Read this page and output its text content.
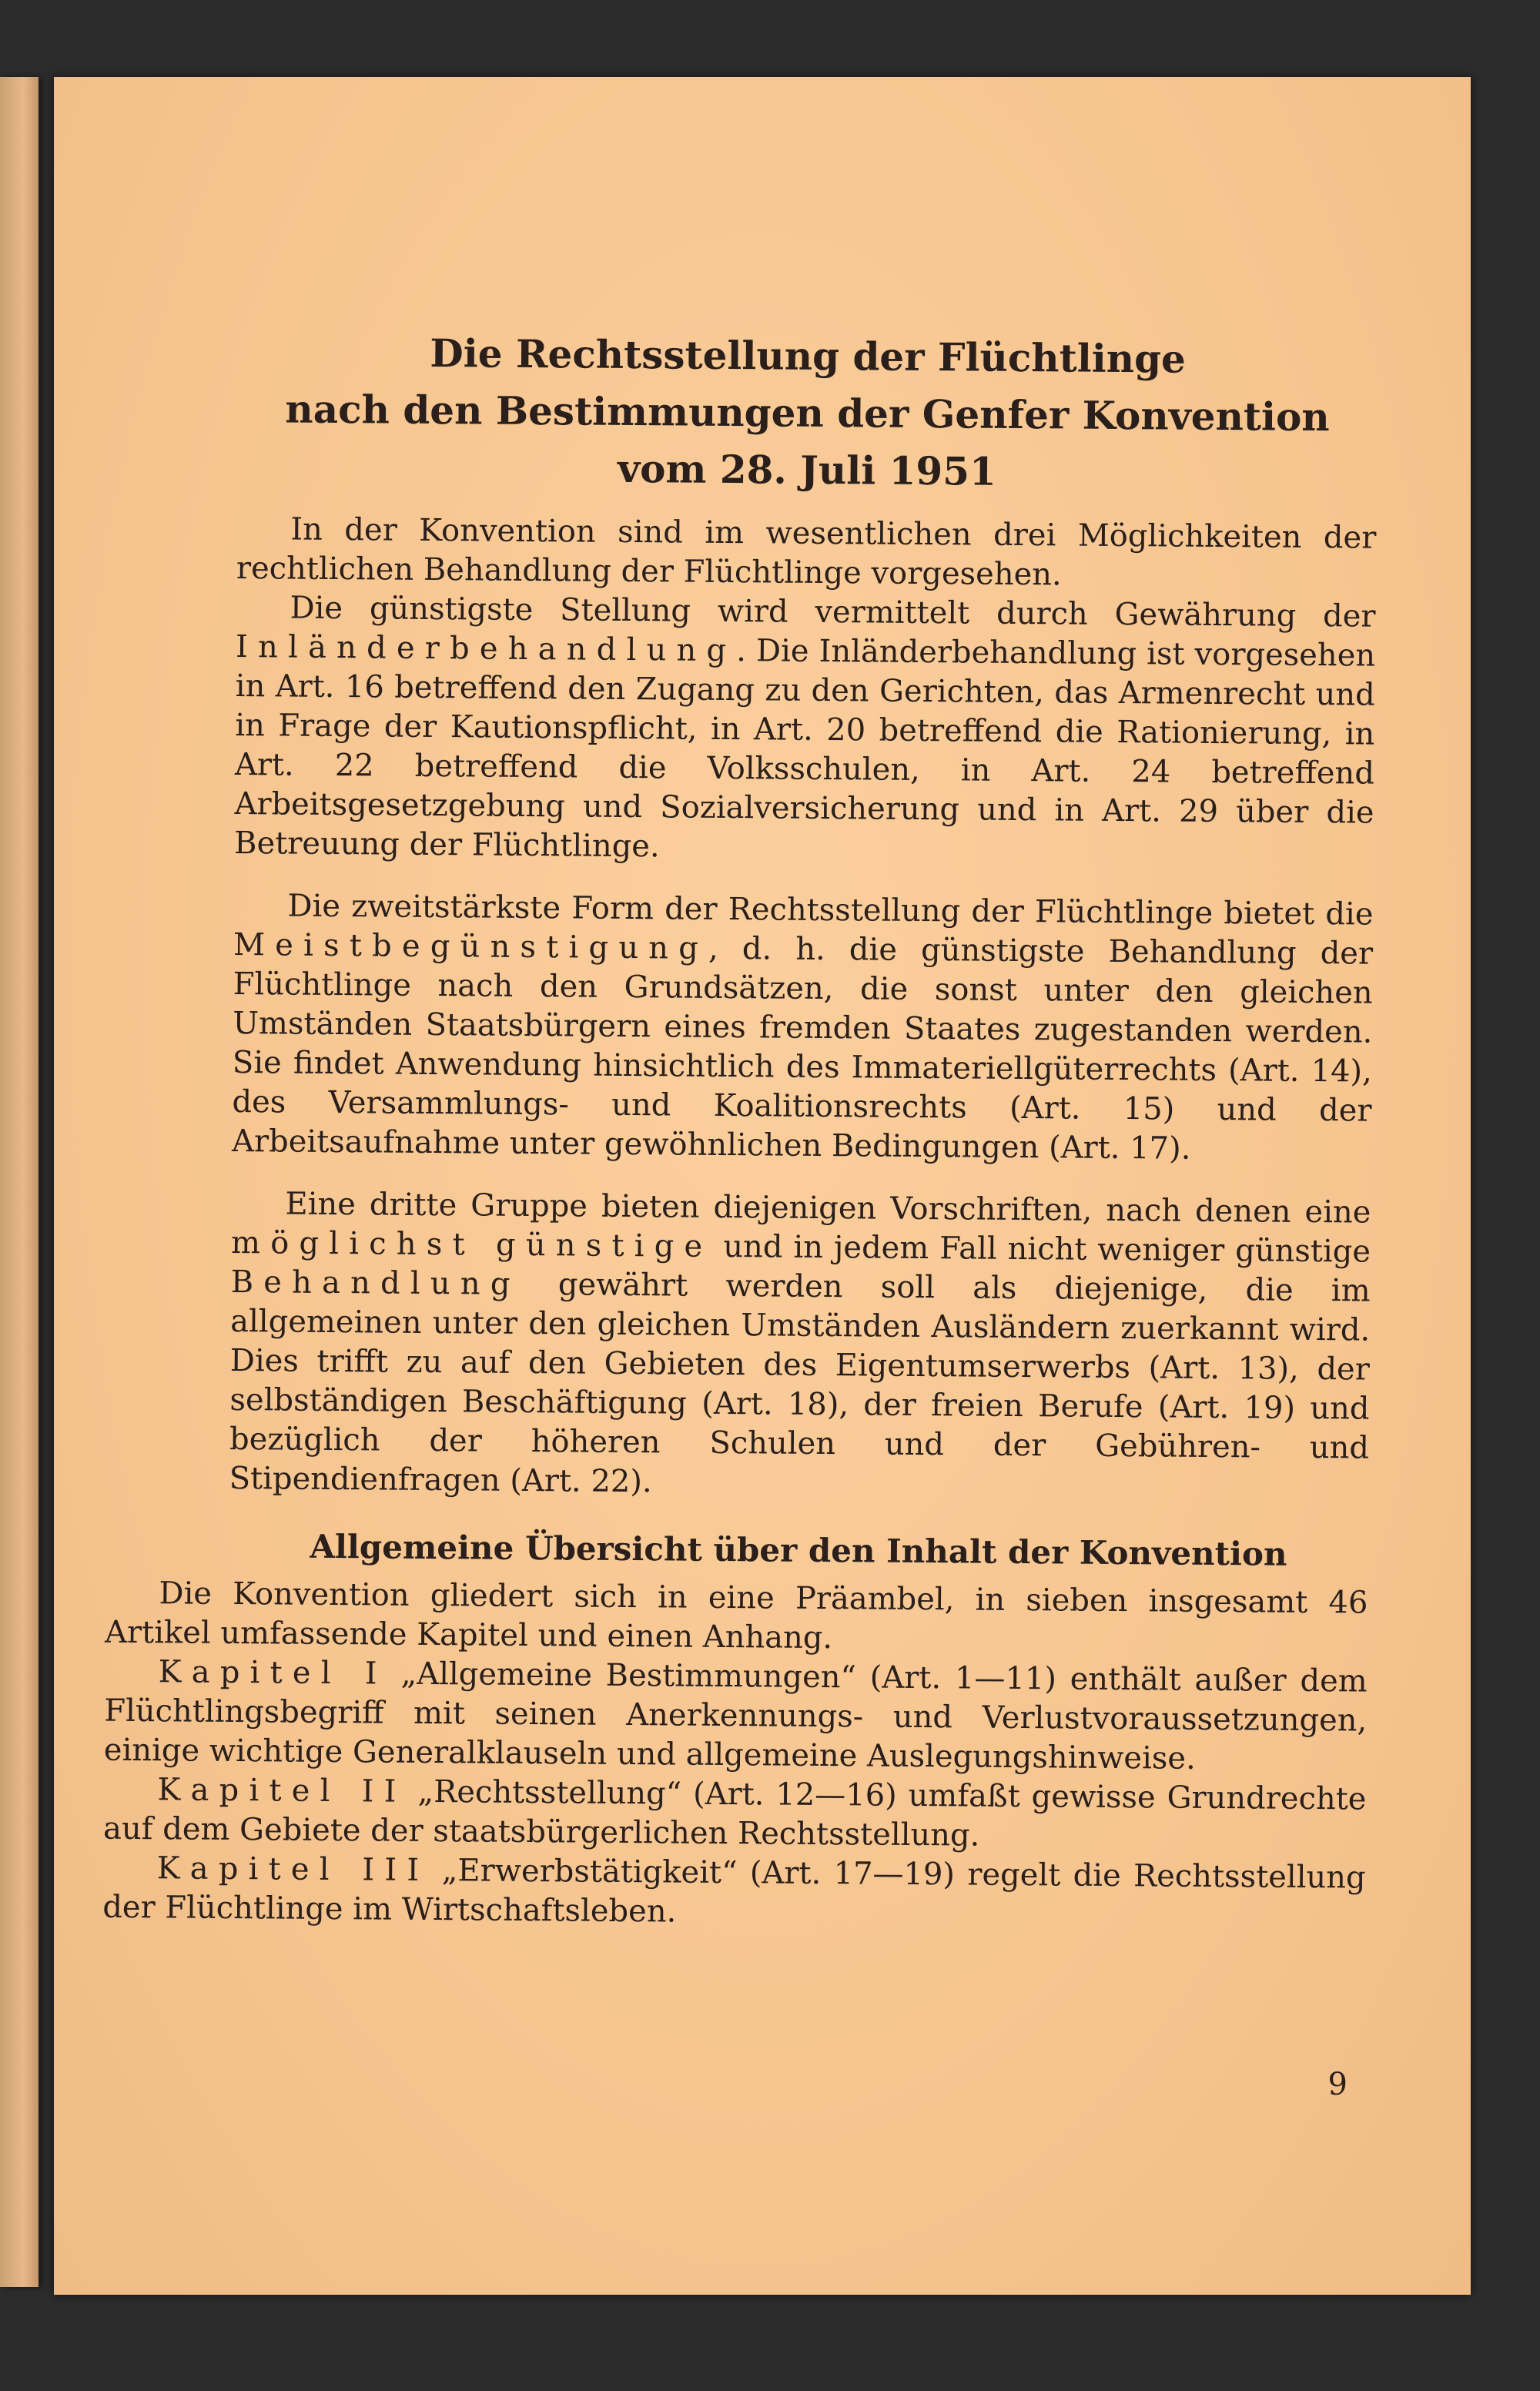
Die Rechtsstellung der Flüchtlinge
nach den Bestimmungen der Genfer Konvention
vom 28. Juli 1951

In der Konvention sind im wesentlichen drei Möglichkeiten der rechtlichen Behandlung der Flüchtlinge vorgesehen.

Die günstigste Stellung wird vermittelt durch Gewährung der Inländerbehandlung. Die Inländerbehandlung ist vorgesehen in Art. 16 betreffend den Zugang zu den Gerichten, das Armenrecht und in Frage der Kautionspflicht, in Art. 20 betreffend die Rationierung, in Art. 22 betreffend die Volksschulen, in Art. 24 betreffend Arbeitsgesetzgebung und Sozialversicherung und in Art. 29 über die Betreuung der Flüchtlinge.

Die zweitstärkste Form der Rechtsstellung der Flüchtlinge bietet die Meistbegünstigung, d. h. die günstigste Behandlung der Flüchtlinge nach den Grundsätzen, die sonst unter den gleichen Umständen Staatsbürgern eines fremden Staates zugestanden werden. Sie findet Anwendung hinsichtlich des Immateriellgüterrechts (Art. 14), des Versammlungs- und Koalitionsrechts (Art. 15) und der Arbeitsaufnahme unter gewöhnlichen Bedingungen (Art. 17).

Eine dritte Gruppe bieten diejenigen Vorschriften, nach denen eine möglichst günstige und in jedem Fall nicht weniger günstige Behandlung gewährt werden soll als diejenige, die im allgemeinen unter den gleichen Umständen Ausländern zuerkannt wird. Dies trifft zu auf den Gebieten des Eigentumserwerbs (Art. 13), der selbständigen Beschäftigung (Art. 18), der freien Berufe (Art. 19) und bezüglich der höheren Schulen und der Gebühren- und Stipendienfragen (Art. 22).

Allgemeine Übersicht über den Inhalt der Konvention

Die Konvention gliedert sich in eine Präambel, in sieben insgesamt 46 Artikel umfassende Kapitel und einen Anhang.

Kapitel I „Allgemeine Bestimmungen“ (Art. 1—11) enthält außer dem Flüchtlingsbegriff mit seinen Anerkennungs- und Verlustvoraussetzungen, einige wichtige Generalklauseln und allgemeine Auslegungshinweise.

Kapitel II „Rechtsstellung“ (Art. 12—16) umfaßt gewisse Grundrechte auf dem Gebiete der staatsbürgerlichen Rechtsstellung.

Kapitel III „Erwerbstätigkeit“ (Art. 17—19) regelt die Rechtsstellung der Flüchtlinge im Wirtschaftsleben.

9
